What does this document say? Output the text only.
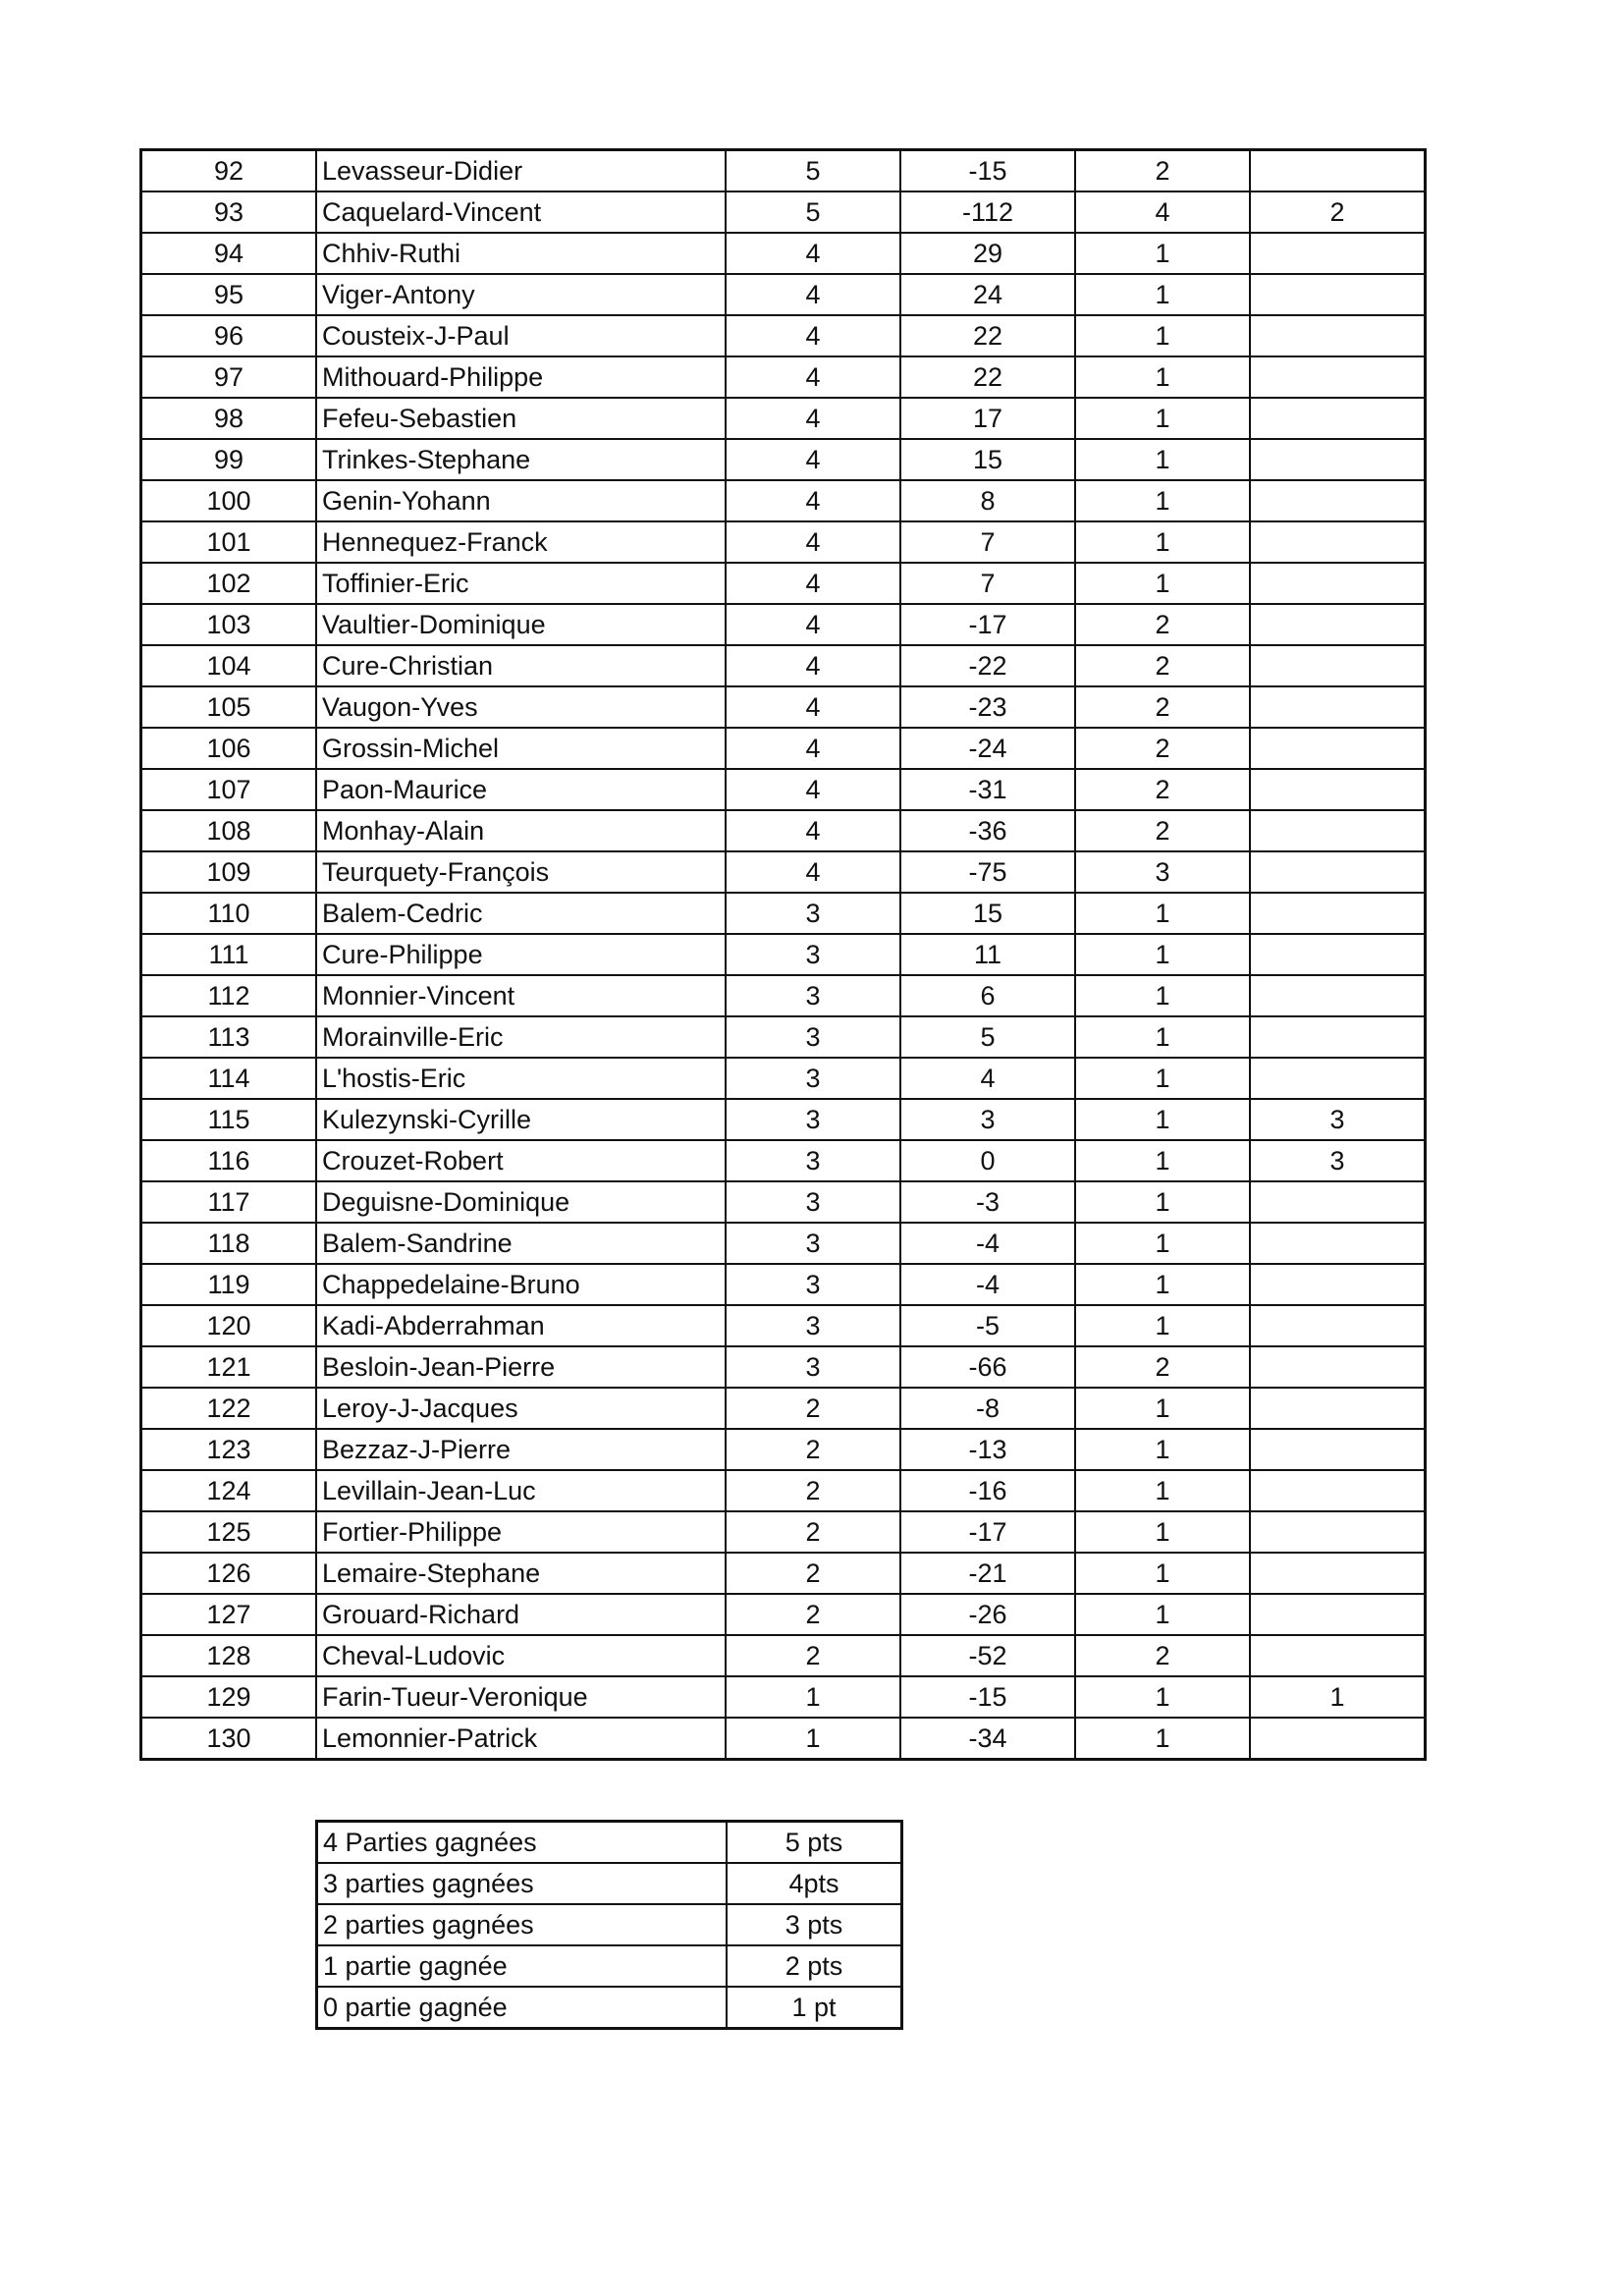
92	Levasseur-Didier	5	-15	2	
93	Caquelard-Vincent	5	-112	4	2
94	Chhiv-Ruthi	4	29	1	
95	Viger-Antony	4	24	1	
96	Cousteix-J-Paul	4	22	1	
97	Mithouard-Philippe	4	22	1	
98	Fefeu-Sebastien	4	17	1	
99	Trinkes-Stephane	4	15	1	
100	Genin-Yohann	4	8	1	
101	Hennequez-Franck	4	7	1	
102	Toffinier-Eric	4	7	1	
103	Vaultier-Dominique	4	-17	2	
104	Cure-Christian	4	-22	2	
105	Vaugon-Yves	4	-23	2	
106	Grossin-Michel	4	-24	2	
107	Paon-Maurice	4	-31	2	
108	Monhay-Alain	4	-36	2	
109	Teurquety-François	4	-75	3	
110	Balem-Cedric	3	15	1	
111	Cure-Philippe	3	11	1	
112	Monnier-Vincent	3	6	1	
113	Morainville-Eric	3	5	1	
114	L'hostis-Eric	3	4	1	
115	Kulezynski-Cyrille	3	3	1	3
116	Crouzet-Robert	3	0	1	3
117	Deguisne-Dominique	3	-3	1	
118	Balem-Sandrine	3	-4	1	
119	Chappedelaine-Bruno	3	-4	1	
120	Kadi-Abderrahman	3	-5	1	
121	Besloin-Jean-Pierre	3	-66	2	
122	Leroy-J-Jacques	2	-8	1	
123	Bezzaz-J-Pierre	2	-13	1	
124	Levillain-Jean-Luc	2	-16	1	
125	Fortier-Philippe	2	-17	1	
126	Lemaire-Stephane	2	-21	1	
127	Grouard-Richard	2	-26	1	
128	Cheval-Ludovic	2	-52	2	
129	Farin-Tueur-Veronique	1	-15	1	1
130	Lemonnier-Patrick	1	-34	1	
4 Parties gagnées	5 pts
3 parties gagnées	4pts
2 parties gagnées	3 pts
1 partie gagnée	2 pts
0 partie gagnée	1 pt
